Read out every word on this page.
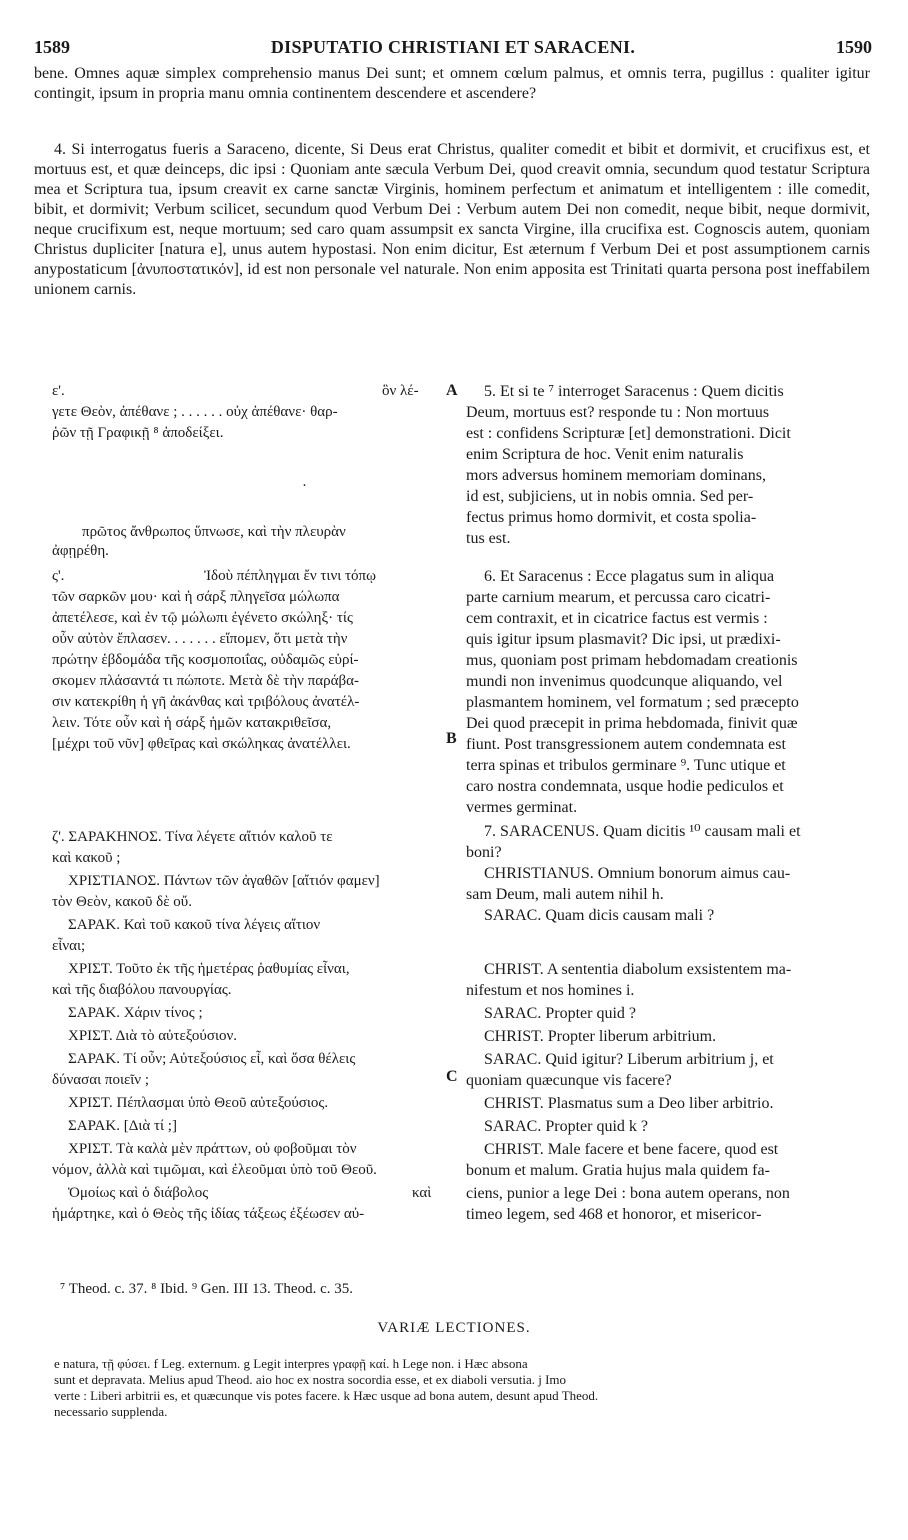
1589	DISPUTATIO CHRISTIANI ET SARACENI.	1590

bene. Omnes aquæ simplex comprehensio manus Dei sunt; et omnem cœlum palmus, et omnis terra, pugillus : qualiter igitur contingit, ipsum in propria manu omnia continentem descendere et ascendere?

4. Si interrogatus fueris a Saraceno, dicente, Si Deus erat Christus, qualiter comedit et bibit et dormivit, et crucifixus est, et mortuus est, et quæ deinceps, dic ipsi : Quoniam ante sæcula Verbum Dei, quod creavit omnia, secundum quod testatur Scriptura mea et Scriptura tua, ipsum creavit ex carne sanctæ Virginis, hominem perfectum et animatum et intelligentem : ille comedit, bibit, et dormivit; Verbum scilicet, secundum quod Verbum Dei : Verbum autem Dei non comedit, neque bibit, neque dormivit, neque crucifixum est, neque mortuum; sed caro quam assumpsit ex sancta Virgine, illa crucifixa est. Cognoscis autem, quoniam Christus dupliciter [natura e], unus autem hypostasi. Non enim dicitur, Est æternum f Verbum Dei et post assumptionem carnis anypostaticum [ἀνυποστατικόν], id est non personale vel naturale. Non enim apposita est Trinitati quarta persona post ineffabilem unionem carnis.

ε'.	ὃν λέ-
γετε Θεὸν, ἀπέθανε ; . . . . . . οὐχ ἀπέθανε· θαρ-
ῥῶν τῇ Γραφικῇ ⁸ ἀποδείξει.
·
πρῶτος ἄνθρωπος ὕπνωσε, καὶ τὴν πλευρὰν
ἀφῃρέθη.
ς'.	Ἰδοὺ πέπληγμαι ἔν τινι τόπῳ
τῶν σαρκῶν μου· καὶ ἡ σάρξ πληγεῖσα μώλωπα
ἀπετέλεσε, καὶ ἐν τῷ μώλωπι ἐγένετο σκώληξ· τίς
οὖν αὐτὸν ἔπλασεν. . . . . . . εἴπομεν, ὅτι μετὰ τὴν
πρώτην ἑβδομάδα τῆς κοσμοποιΐας, οὐδαμῶς εὑρί-
σκομεν πλάσαντά τι πώποτε. Μετὰ δὲ τὴν παράβα-
σιν κατεκρίθη ἡ γῆ ἀκάνθας καὶ τριβόλους ἀνατέλ-
λειν. Τότε οὖν καὶ ἡ σάρξ ἡμῶν κατακριθεῖσα,
[μέχρι τοῦ νῦν] φθεῖρας καὶ σκώληκας ἀνατέλλει.
ζ'. ΣΑΡΑΚΗΝΟΣ. Τίνα λέγετε αἴτιόν καλοῦ τε
καὶ κακοῦ ;
ΧΡΙΣΤΙΑΝΟΣ. Πάντων τῶν ἀγαθῶν [αἴτιόν φαμεν]
τὸν Θεὸν, κακοῦ δὲ οὔ.
ΣΑΡΑΚ. Καὶ τοῦ κακοῦ τίνα λέγεις αἴτιον
εἶναι;
ΧΡΙΣΤ. Τοῦτο ἐκ τῆς ἡμετέρας ῥαθυμίας εἶναι,
καὶ τῆς διαβόλου πανουργίας.
ΣΑΡΑΚ. Χάριν τίνος ;
ΧΡΙΣΤ. Διὰ τὸ αὐτεξούσιον.
ΣΑΡΑΚ. Τί οὖν; Αὐτεξούσιος εἶ, καὶ ὅσα θέλεις
δύνασαι ποιεῖν ;
ΧΡΙΣΤ. Πέπλασμαι ὑπὸ Θεοῦ αὐτεξούσιος.
ΣΑΡΑΚ. [Διὰ τί ;]
ΧΡΙΣΤ. Τὰ καλὰ μὲν πράττων, οὐ φοβοῦμαι τὸν
νόμον, ἀλλὰ καὶ τιμῶμαι, καὶ ἐλεοῦμαι ὑπὸ τοῦ Θεοῦ.
Ὁμοίως καὶ ὁ διάβολος	καὶ
ἡμάρτηκε, καὶ ὁ Θεὸς τῆς ἰδίας τάξεως ἐξέωσεν αὐ-
5. Et si te ⁷ interroget Saracenus : Quem dicitis
Deum, mortuus est? responde tu : Non mortuus
est : confidens Scripturæ [et] demonstrationi. Dicit
enim Scriptura de hoc. Venit enim naturalis
mors adversus hominem memoriam dominans,
id est, subjiciens, ut in nobis omnia. Sed per-
fectus primus homo dormivit, et costa spolia-
tus est.
6. Et Saracenus : Ecce plagatus sum in aliqua
parte carnium mearum, et percussa caro cicatri-
cem contraxit, et in cicatrice factus est vermis :
quis igitur ipsum plasmavit? Dic ipsi, ut prædixi-
mus, quoniam post primam hebdomadam creationis
mundi non invenimus quodcunque aliquando, vel
plasmantem hominem, vel formatum ; sed præcepto
Dei quod præcepit in prima hebdomada, finivit quæ
fiunt. Post transgressionem autem condemnata est
terra spinas et tribulos germinare ⁹. Tunc utique et
caro nostra condemnata, usque hodie pediculos et
vermes germinat.
7. SARACENUS. Quam dicitis ¹⁰ causam mali et
boni?
CHRISTIANUS. Omnium bonorum aimus cau-
sam Deum, mali autem nihil h.
SARAC. Quam dicis causam mali ?
CHRIST. A sententia diabolum exsistentem ma-
nifestum et nos homines i.
SARAC. Propter quid ?
CHRIST. Propter liberum arbitrium.
SARAC. Quid igitur? Liberum arbitrium j, et
quoniam quæcunque vis facere?
CHRIST. Plasmatus sum a Deo liber arbitrio.
SARAC. Propter quid k ?
CHRIST. Male facere et bene facere, quod est
bonum et malum. Gratia hujus mala quidem fa-
ciens, punior a lege Dei : bona autem operans, non
timeo legem, sed 468 et honoror, et misericor-
A
B
C
⁷ Theod. c. 37. ⁸ Ibid. ⁹ Gen. III 13. Theod. c. 35.
VARIÆ LECTIONES.
e natura, τῇ φύσει. f Leg. externum. g Legit interpres γραφῇ καί. h Lege non. i Hæc absona
sunt et depravata. Melius apud Theod. aio hoc ex nostra socordia esse, et ex diaboli versutia. j Imo
verte : Liberi arbitrii es, et quæcunque vis potes facere. k Hæc usque ad bona autem, desunt apud Theod.
necessario supplenda.
